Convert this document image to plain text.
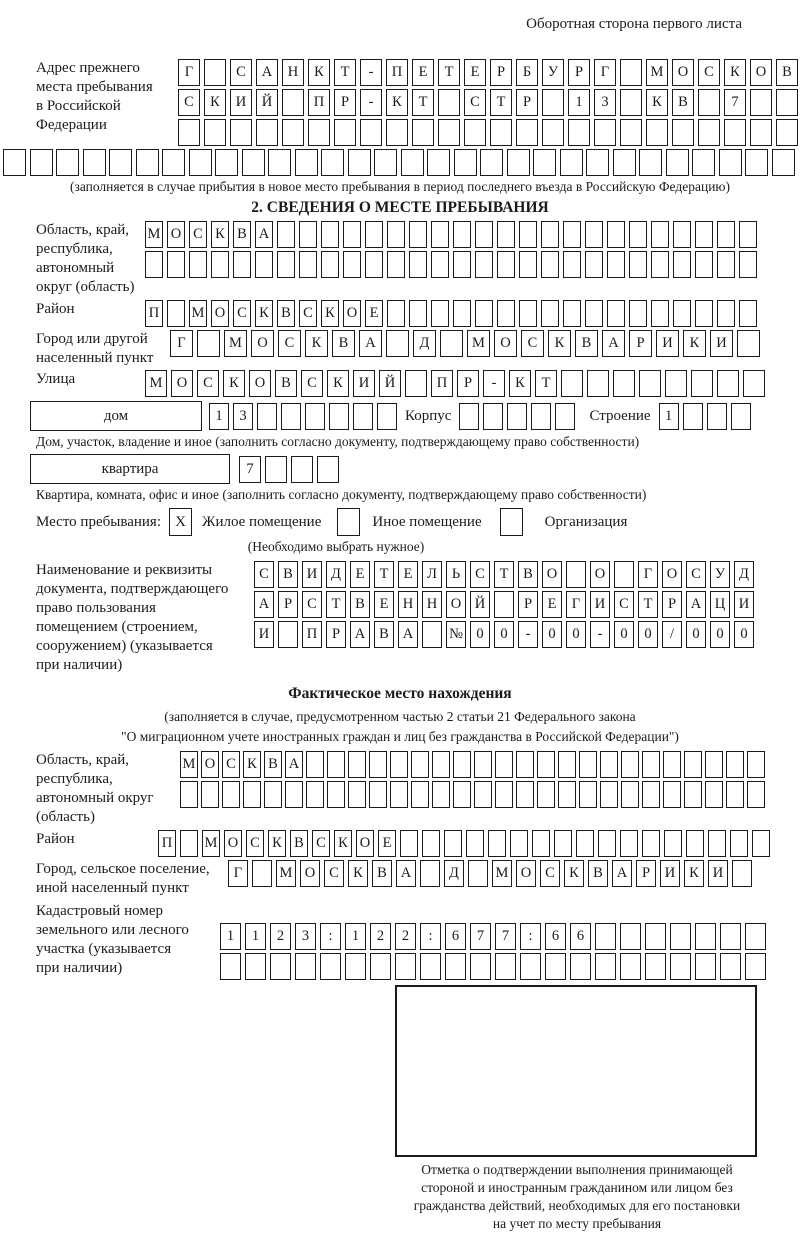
Оборотная сторона первого листа
Адрес прежнего
места пребывания
в Российской
Федерации
Г	С	А	Н	К	Т	-	П	Е	Т	Е	Р	Б	У	Р	Г	М О	С	К	О	В
С	К	И	Й	П	Р	-	К	Т	С	Т	Р	1	3	К	В	7
(заполняется в случае прибытия в новое место пребывания в период последнего въезда в Российскую Федерацию)
2. СВЕДЕНИЯ О МЕСТЕ ПРЕБЫВАНИЯ
Область, край,
республика,
автономный
округ (область)
М О С К В А
Район	П М О С К В С К О Е
Город или другой
населенный пункт
Г	М	О	С	К	В	А	Д	М	О	С	К	В	А	Р	И	К	И
Улица	М О	С	К	О	В	С	К	И	Й	П	Р	-	К	Т
дом	1	3	Корпус	Строение 1
Дом, участок, владение и иное (заполнить согласно документу, подтверждающему право собственности)
квартира	7
Квартира, комната, офис и иное (заполнить согласно документу, подтверждающему право собственности)
Место пребывания: X	Жилое помещение	Иное помещение	Организация
(Необходимо выбрать нужное)
Наименование и реквизиты
документа, подтверждающего
право пользования
помещением (строением,
сооружением) (указывается
при наличии)
С В И Д	Е	Т	Е	Л	Ь	С	Т	В О	О	Г	О С У Д
А	Р	С	Т	В	Е Н Н О Й	Р	Е	Г	И С	Т	Р	А Ц И
И	П	Р	А В А	№ 0	0	-	0	0	-	0	0	/	0	0	0
Фактическое место нахождения
(заполняется в случае, предусмотренном частью 2 статьи 21 Федерального закона
"О миграционном учете иностранных граждан и лиц без гражданства в Российской Федерации")
Область, край,
республика,
автономный округ
(область)
М О С К В А
Район	П М О С К В С К О Е
Город, сельское поселение,
иной населенный пункт
Г	М О С К В А	Д	М О С К В А	Р	И К И
Кадастровый номер
земельного или лесного
участка (указывается
при наличии)
1	1	2	3	:	1	2	2	:	6	7	7	:	6	6
Отметка о подтверждении выполнения принимающей
стороной и иностранным гражданином или лицом без
гражданства действий, необходимых для его постановки
на учет по месту пребывания
